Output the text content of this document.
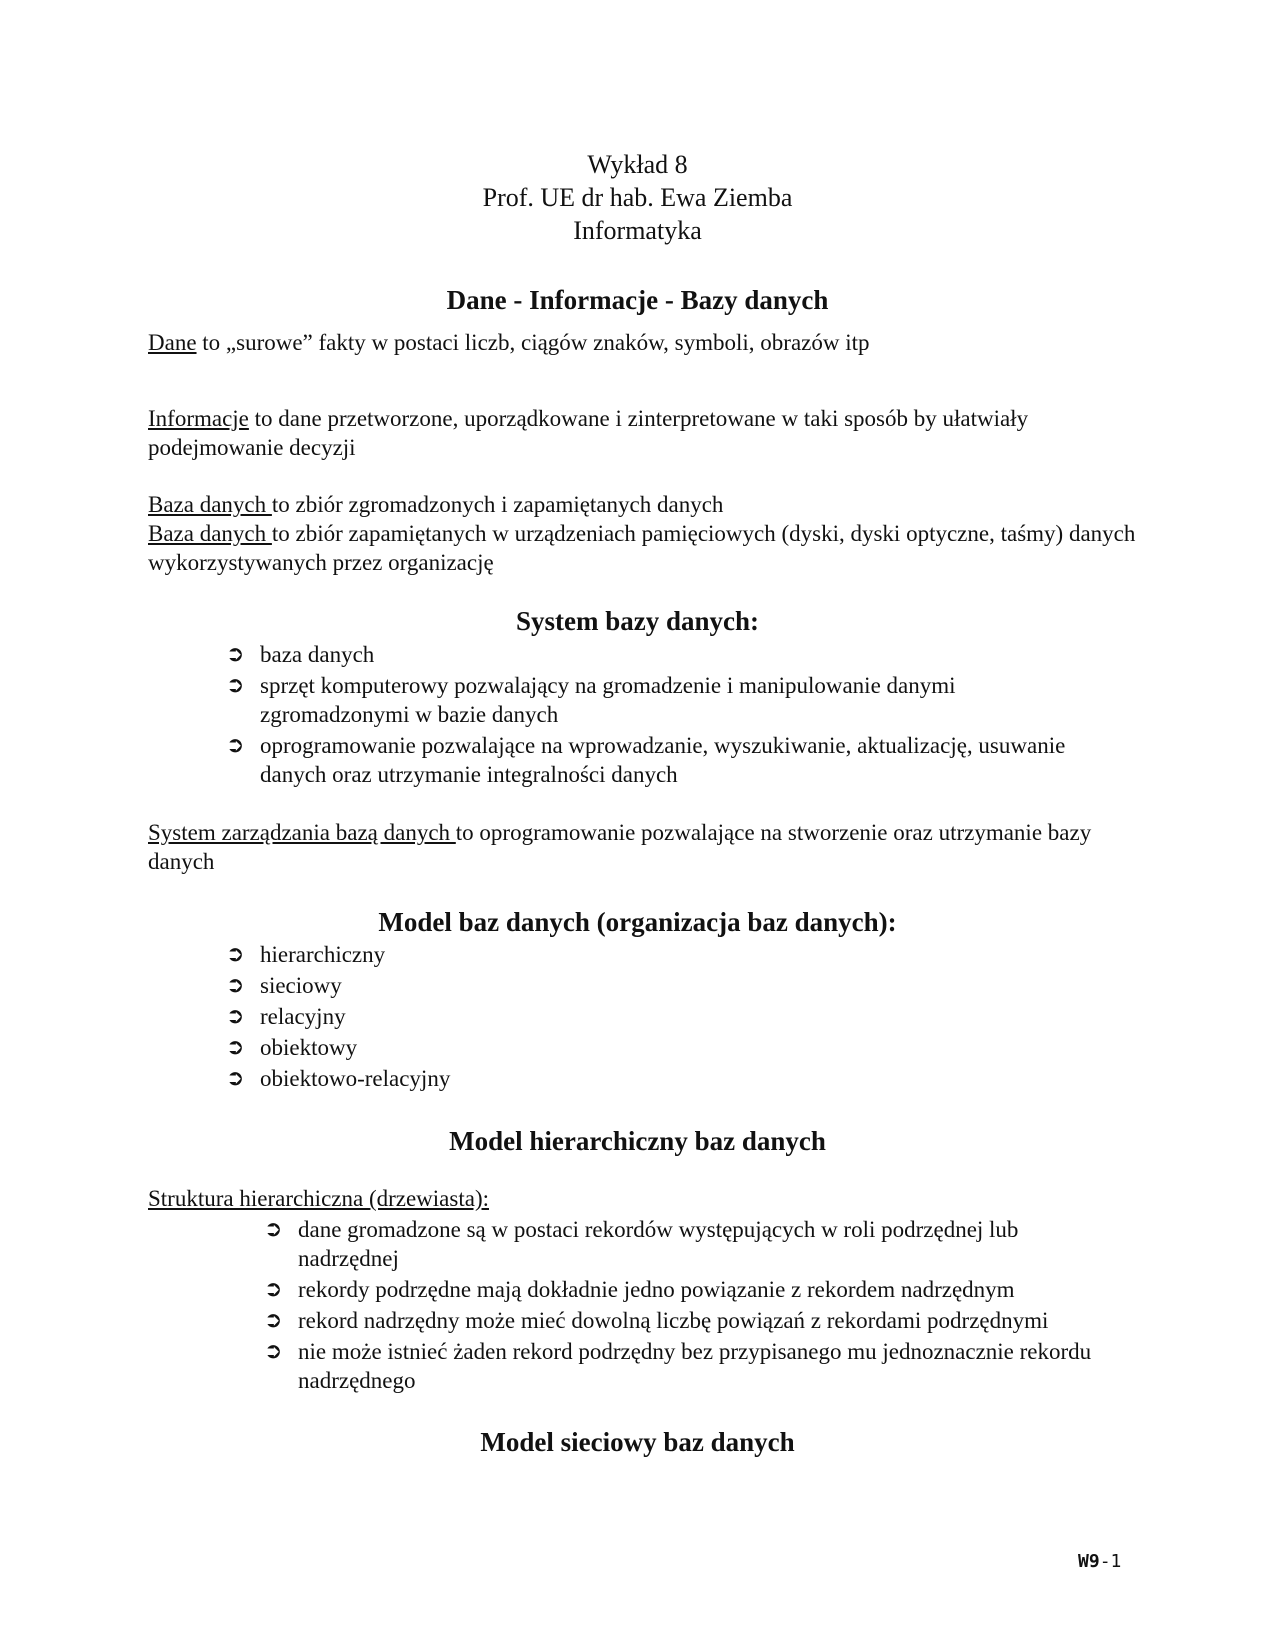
Wykład 8
Prof. UE dr hab. Ewa Ziemba
Informatyka
Dane - Informacje - Bazy danych

Dane to „surowe” fakty w postaci liczb, ciągów znaków, symboli, obrazów itp

Informacje to dane przetworzone, uporządkowane i zinterpretowane w taki sposób by ułatwiały podejmowanie decyzji

Baza danych to zbiór zgromadzonych i zapamiętanych danych

Baza danych to zbiór zapamiętanych w urządzeniach pamięciowych (dyski, dyski optyczne, taśmy) danych wykorzystywanych przez organizację

System bazy danych:
➲ baza danych
➲ sprzęt komputerowy pozwalający na gromadzenie i manipulowanie danymi zgromadzonymi w bazie danych
➲ oprogramowanie pozwalające na wprowadzanie, wyszukiwanie, aktualizację, usuwanie danych oraz utrzymanie integralności danych

System zarządzania bazą danych to oprogramowanie pozwalające na stworzenie oraz utrzymanie bazy danych

Model baz danych (organizacja baz danych):
➲ hierarchiczny
➲ sieciowy
➲ relacyjny
➲ obiektowy
➲ obiektowo-relacyjny
Model hierarchiczny baz danych

Struktura hierarchiczna (drzewiasta):

➲ dane gromadzone są w postaci rekordów występujących w roli podrzędnej lub nadrzędnej
➲ rekordy podrzędne mają dokładnie jedno powiązanie z rekordem nadrzędnym
➲ rekord nadrzędny może mieć dowolną liczbę powiązań z rekordami podrzędnymi
➲ nie może istnieć żaden rekord podrzędny bez przypisanego mu jednoznacznie rekordu nadrzędnego
Model sieciowy baz danych
W9-1
